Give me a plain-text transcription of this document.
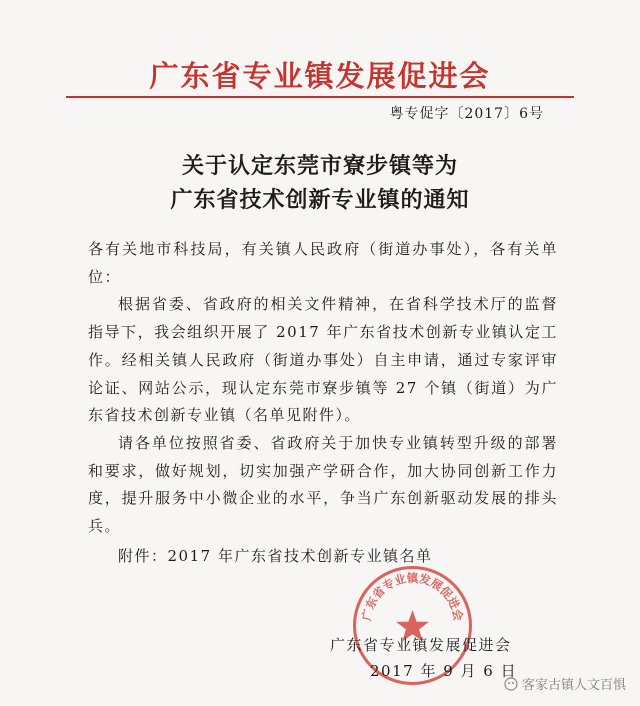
广东省专业镇发展促进会
粤专促字〔2017〕6号
关于认定东莞市寮步镇等为
广东省技术创新专业镇的通知

各有关地市科技局，有关镇人民政府（街道办事处），各有关单位：

根据省委、省政府的相关文件精神，在省科学技术厅的监督指导下，我会组织开展了 2017 年广东省技术创新专业镇认定工作。经相关镇人民政府（街道办事处）自主申请，通过专家评审论证、网站公示，现认定东莞市寮步镇等 27 个镇（街道）为广东省技术创新专业镇（名单见附件）。

请各单位按照省委、省政府关于加快专业镇转型升级的部署和要求，做好规划，切实加强产学研合作，加大协同创新工作力度，提升服务中小微企业的水平，争当广东创新驱动发展的排头兵。

附件：2017 年广东省技术创新专业镇名单
广东省专业镇发展促进会
广东省专业镇发展促进会
2017 年 9 月 6 日
客家古镇人文百惧
